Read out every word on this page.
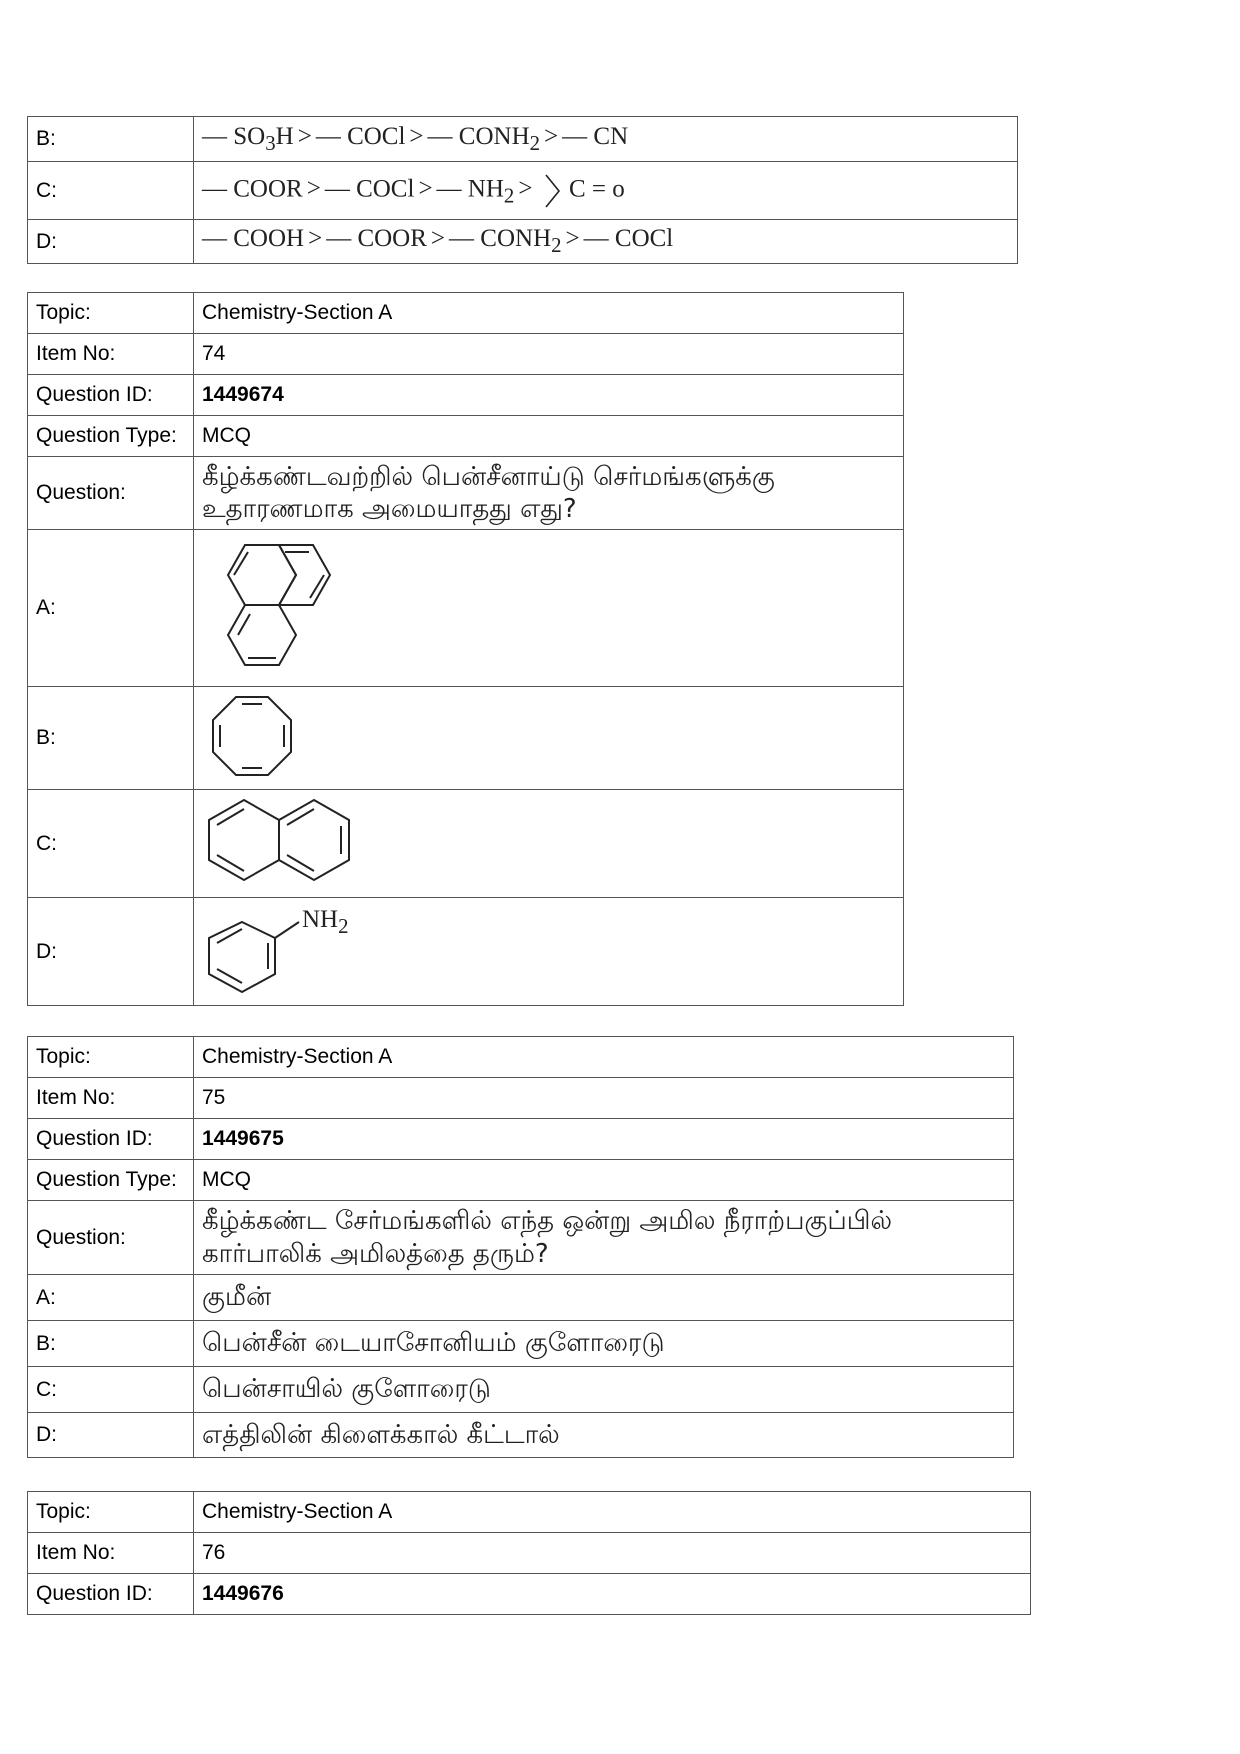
B:	— $SO_3H$ > — COCl > — $CONH_2$ > — CN
C:	— COOR > — COCl > — $NH_2 > C = o$
D:	— COOH > — COOR > — $CONH_2$ > — COCl
Topic:	Chemistry-Section A
Item No:	74
Question ID:	1449674
Question Type:	MCQ
Question:	கீழ்க்கண்டவற்றில் பென்சீனாய்டு செர்மங்களுக்கு
உதாரணமாக அமையாதது எது?

A:	

B:	

C:	

D:	$NH_2$
Topic:	Chemistry-Section A
Item No:	75
Question ID:	1449675
Question Type:	MCQ
Question:	கீழ்க்கண்ட சேர்மங்களில் எந்த ஒன்று அமில நீராற்பகுப்பில்
கார்பாலிக் அமிலத்தை தரும்?

A:	குமீன்
B:	பென்சீன் டையாசோனியம் குளோரைடு
C:	பென்சாயில் குளோரைடு
D:	எத்திலின் கிளைக்கால் கீட்டால்
Topic:	Chemistry-Section A
Item No:	76
Question ID:	1449676
